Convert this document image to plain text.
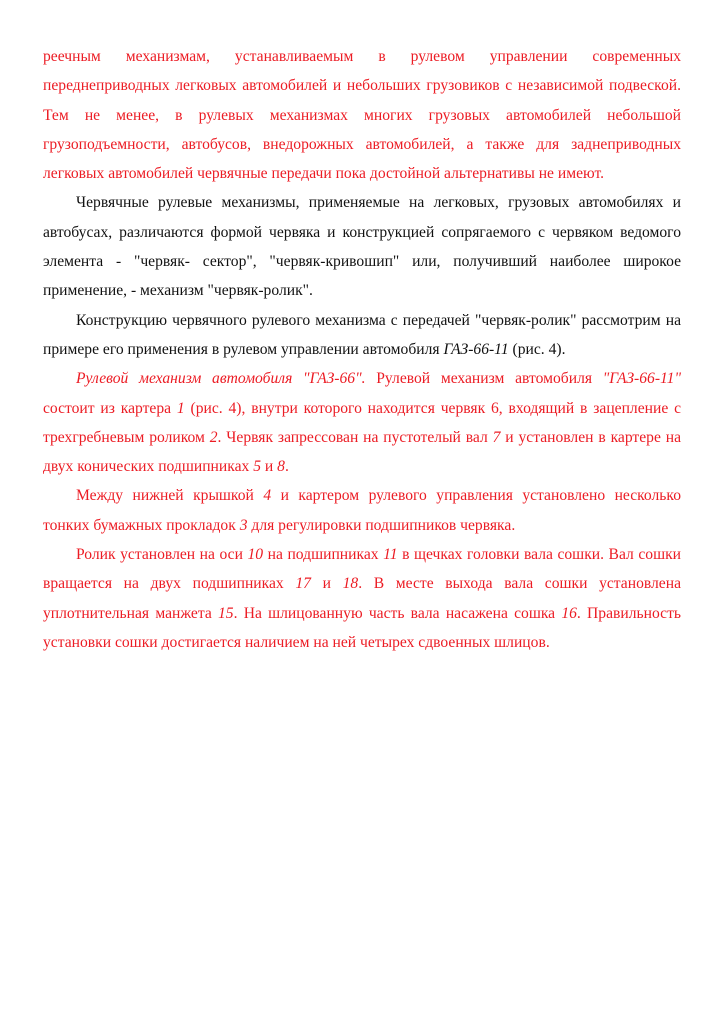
реечным механизмам, устанавливаемым в рулевом управлении современных переднеприводных легковых автомобилей и небольших грузовиков с независимой подвеской. Тем не менее, в рулевых механизмах многих грузовых автомобилей небольшой грузоподъемности, автобусов, внедорожных автомобилей, а также для заднеприводных легковых автомобилей червячные передачи пока достойной альтернативы не имеют.

Червячные рулевые механизмы, применяемые на легковых, грузовых автомобилях и автобусах, различаются формой червяка и конструкцией сопрягаемого с червяком ведомого элемента - "червяк- сектор", "червяк-кривошип" или, получивший наиболее широкое применение, - механизм "червяк-ролик".

Конструкцию червячного рулевого механизма с передачей "червяк-ролик" рассмотрим на примере его применения в рулевом управлении автомобиля ГАЗ-66-11 (рис. 4).

Рулевой механизм автомобиля "ГАЗ-66". Рулевой механизм автомобиля "ГАЗ-66-11" состоит из картера 1 (рис. 4), внутри которого находится червяк 6, входящий в зацепление с трехгребневым роликом 2. Червяк запрессован на пустотелый вал 7 и установлен в картере на двух конических подшипниках 5 и 8.

Между нижней крышкой 4 и картером рулевого управления установлено несколько тонких бумажных прокладок 3 для регулировки подшипников червяка.

Ролик установлен на оси 10 на подшипниках 11 в щечках головки вала сошки. Вал сошки вращается на двух подшипниках 17 и 18. В месте выхода вала сошки установлена уплотнительная манжета 15. На шлицованную часть вала насажена сошка 16. Правильность установки сошки достигается наличием на ней четырех сдвоенных шлицов.
